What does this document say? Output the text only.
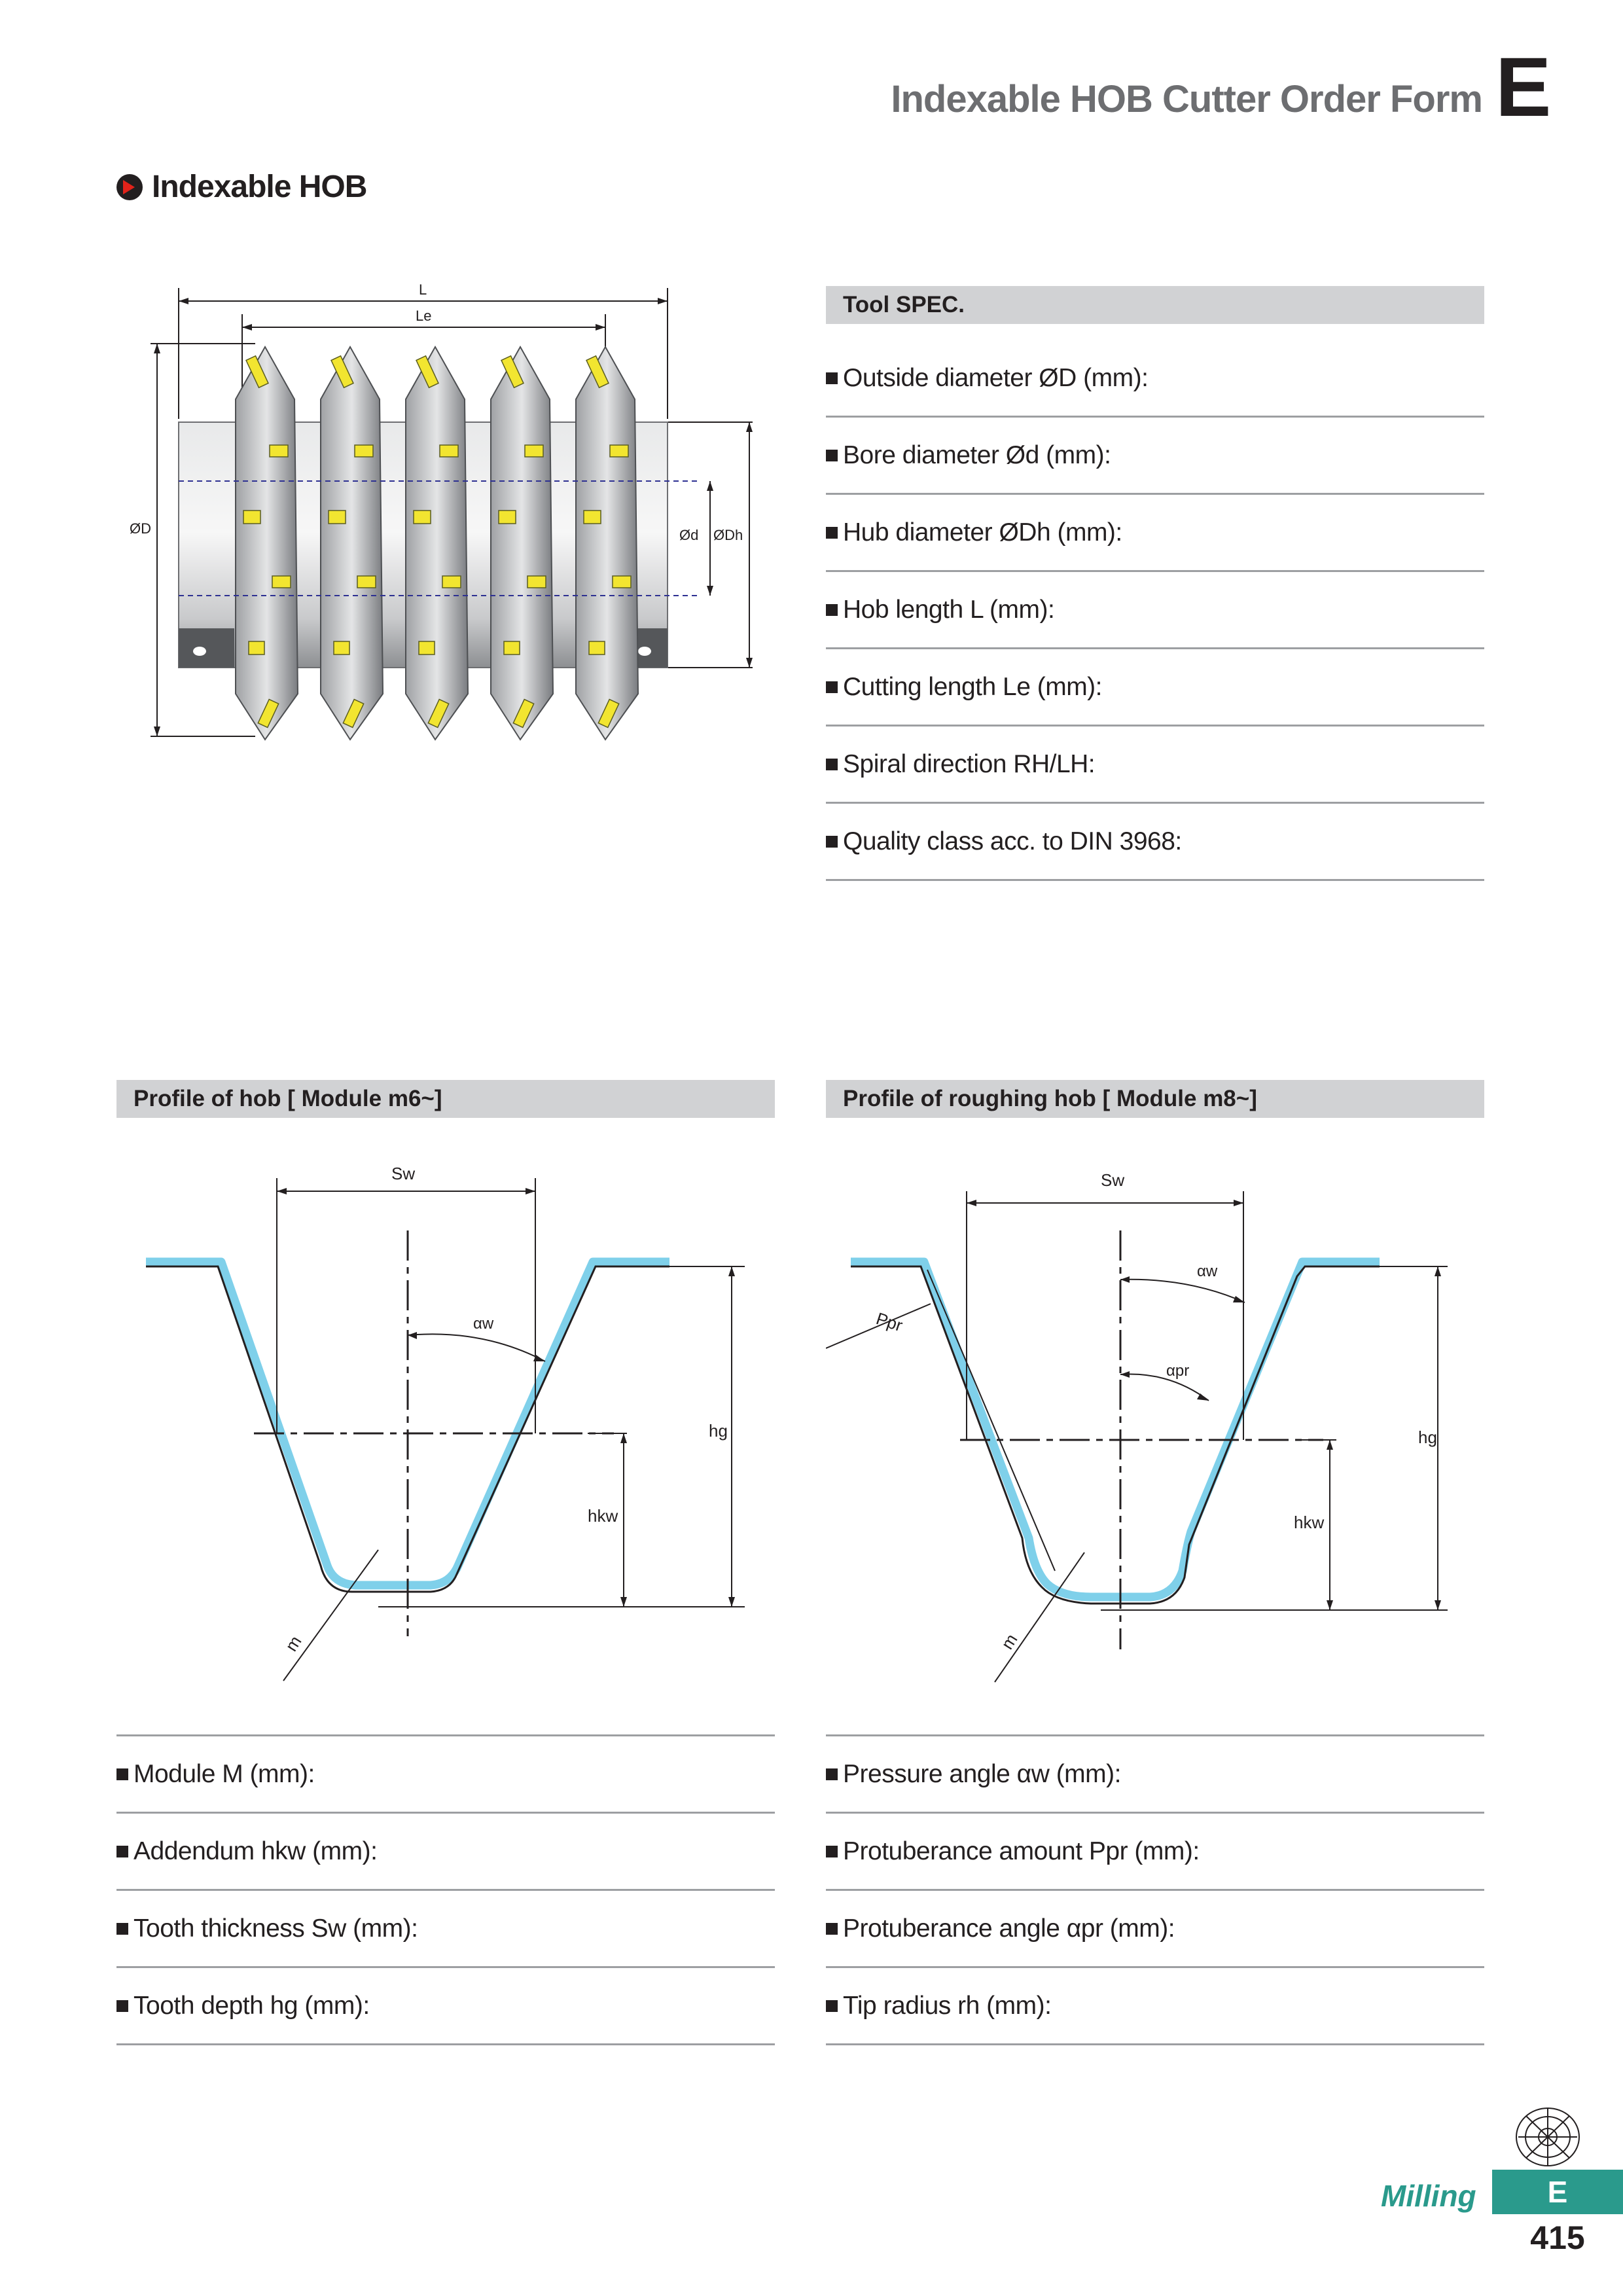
Indexable HOB Cutter Order Form E
Indexable HOB
L
Le
ØD	Ød ØDh
Tool SPEC.
Outside diameter ØD (mm):
Bore diameter Ød (mm):
Hub diameter ØDh (mm):
Hob length L (mm):
Cutting length Le (mm):
Spiral direction RH/LH:
Quality class acc. to DIN 3968:
Profile of hob [ Module m6~]	Profile of roughing hob [ Module m8~]
Sw
αw
hg
hkw
m
Sw
αw
αpr
Ppr
hg
hkw
m
Module M (mm):
Addendum hkw (mm):
Tooth thickness Sw (mm):
Tooth depth hg (mm):
Pressure angle αw (mm):
Protuberance amount Ppr (mm):
Protuberance angle αpr (mm):
Tip radius rh (mm):
Milling	E
415
